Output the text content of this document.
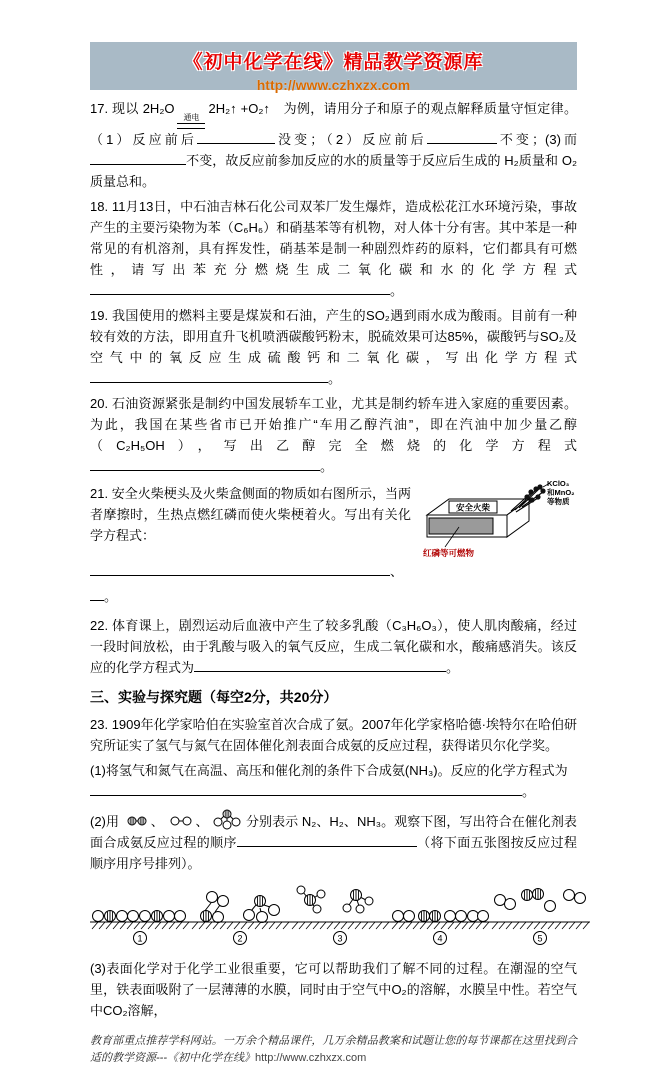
《初中化学在线》精品教学资源库
http://www.czhxzx.com

17. 现以 2H₂O
通电
2H₂↑ +O₂↑　为例，请用分子和原子的观点解释质量守恒定律。（1）反应前后	没变；（2）反应前后	不变；(3)而不变，故反应前参加反应的水的质量等于反应后生成的 H₂质量和 O₂质量总和。

18. 11月13日，中石油吉林石化公司双苯厂发生爆炸，造成松花江水环境污染，事故产生的主要污染物为苯（C₆H₆）和硝基苯等有机物，对人体十分有害。其中苯是一种常见的有机溶剂，具有挥发性，硝基苯是制一种剧烈炸药的原料，它们都具有可燃性，请写出苯充分燃烧生成二氧化碳和水的化学方程式。

19. 我国使用的燃料主要是煤炭和石油，产生的SO₂遇到雨水成为酸雨。目前有一种较有效的方法，即用直升飞机喷洒碳酸钙粉末，脱硫效果可达85%，碳酸钙与SO₂及空气中的氧反应生成硫酸钙和二氧化碳，写出化学方程式。

20. 石油资源紧张是制约中国发展轿车工业，尤其是制约轿车进入家庭的重要因素。为此，我国在某些省市已开始推广“车用乙醇汽油”，即在汽油中加少量乙醇（C₂H₅OH），写出乙醇完全燃烧的化学方程式。

安全火柴
KClO₃
和MnO₂
等物质
红磷等可燃物

21. 安全火柴梗头及火柴盒侧面的物质如右图所示，当两者摩擦时，生热点燃红磷而使火柴梗着火。写出有关化学方程式：

、

。

22. 体育课上，剧烈运动后血液中产生了较多乳酸（C₃H₆O₃），使人肌肉酸痛，经过一段时间放松，由于乳酸与吸入的氧气反应，生成二氧化碳和水，酸痛感消失。该反应的化学方程式为	。

三、实验与探究题（每空2分，共20分）

23. 1909年化学家哈伯在实验室首次合成了氨。2007年化学家格哈德·埃特尔在哈伯研究所证实了氢气与氮气在固体催化剂表面合成氨的反应过程，获得诺贝尔化学奖。

(1)将氢气和氮气在高温、高压和催化剂的条件下合成氨(NH₃)。反应的化学方程式为
。

(2)用 、 、	分别表示 N₂、H₂、NH₃。观察下图，写出符合在催化剂表面合成氨反应过程的顺序	（将下面五张图按反应过程顺序用序号排列）。

1	2	3	4	5

(3)表面化学对于化学工业很重要，它可以帮助我们了解不同的过程。在潮湿的空气里，铁表面吸附了一层薄薄的水膜，同时由于空气中O₂的溶解，水膜呈中性。若空气中CO₂溶解，

教育部重点推荐学科网站。一万余个精品课件，几万余精品教案和试题让您的每节课都在这里找到合适的教学资源---《初中化学在线》http://www.czhxzx.com
